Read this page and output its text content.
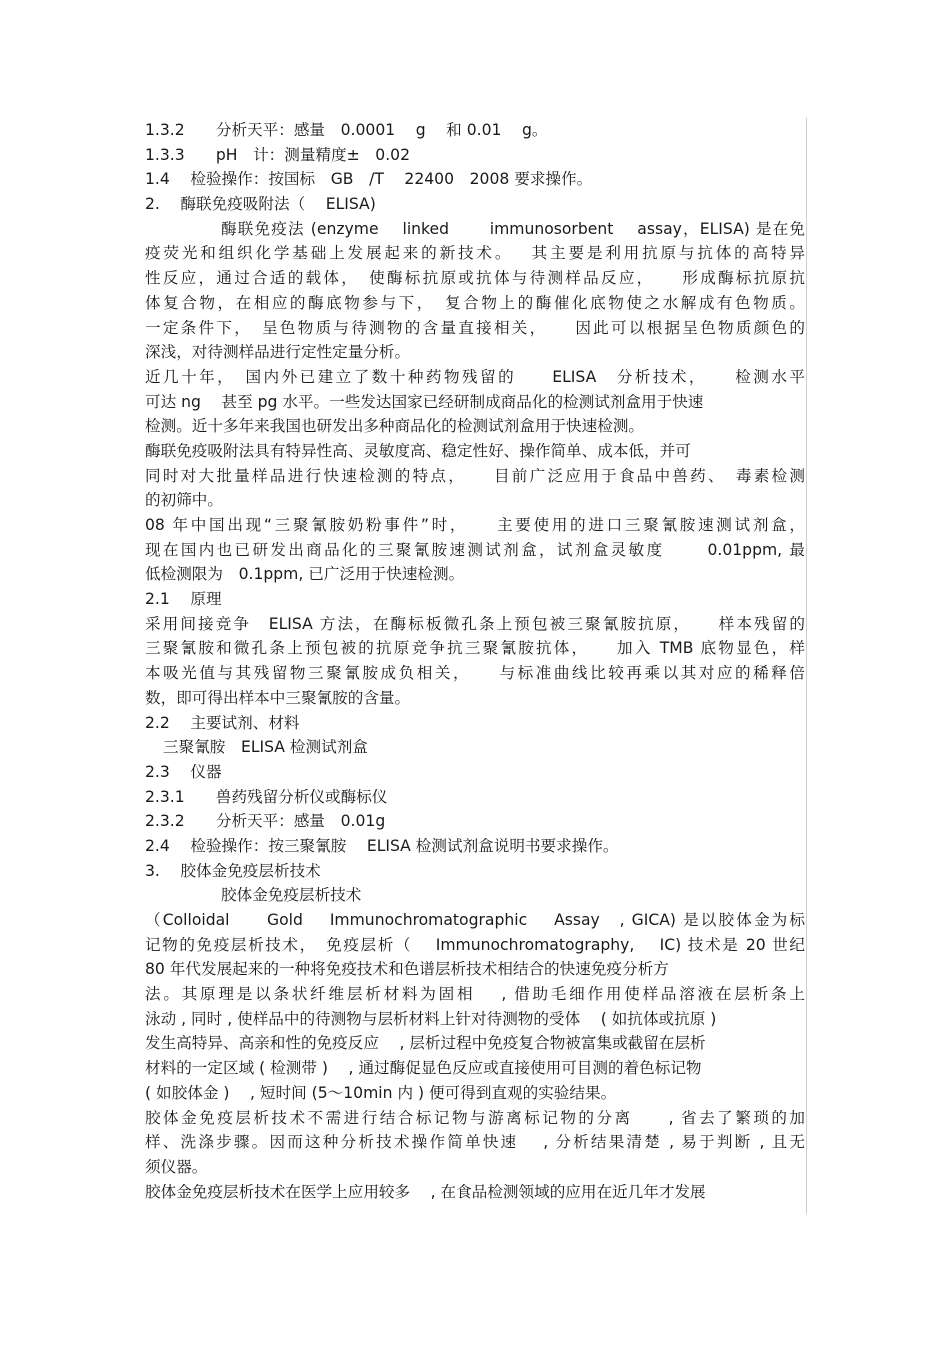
1.3.2　　分析天平：感量　0.0001　 g　 和 0.01　 g。
1.3.3　　pH　计：测量精度±　0.02
1.4　 检验操作：按国标　GB　/T　 22400　2008 要求操作。
2.　 酶联免疫吸附法（　 ELISA)
酶联免疫法 (enzyme　 linked　　 immunosorbent　 assay，ELISA) 是在免
疫荧光和组织化学基础上发展起来的新技术。　 其主要是利用抗原与抗体的高特异
性反应，通过合适的载体，　使酶标抗原或抗体与待测样品反应，　　形成酶标抗原抗
体复合物，在相应的酶底物参与下，　复合物上的酶催化底物使之水解成有色物质。
一定条件下，　呈色物质与待测物的含量直接相关，　　因此可以根据呈色物质颜色的
深浅，对待测样品进行定性定量分析。
近几十年，　国内外已建立了数十种药物残留的　　ELISA　分析技术，　　检测水平
可达 ng　 甚至 pg 水平。一些发达国家已经研制成商品化的检测试剂盒用于快速
检测。近十多年来我国也研发出多种商品化的检测试剂盒用于快速检测。
酶联免疫吸附法具有特异性高、灵敏度高、稳定性好、操作简单、成本低，并可
同时对大批量样品进行快速检测的特点，　　目前广泛应用于食品中兽药、　毒素检测
的初筛中。
08 年中国出现“三聚氰胺奶粉事件”时，　　主要使用的进口三聚氰胺速测试剂盒，
现在国内也已研发出商品化的三聚氰胺速测试剂盒，试剂盒灵敏度　　 0.01ppm, 最
低检测限为　0.1ppm, 已广泛用于快速检测。
2.1　 原理
采用间接竞争　ELISA 方法，在酶标板微孔条上预包被三聚氰胺抗原，　　样本残留的
三聚氰胺和微孔条上预包被的抗原竞争抗三聚氰胺抗体，　　加入 TMB 底物显色，样
本吸光值与其残留物三聚氰胺成负相关，　　与标准曲线比较再乘以其对应的稀释倍
数，即可得出样本中三聚氰胺的含量。
2.2　 主要试剂、材料
三聚氰胺　ELISA 检测试剂盒
2.3　 仪器
2.3.1　　兽药残留分析仪或酶标仪
2.3.2　　分析天平：感量　0.01g
2.4　 检验操作：按三聚氰胺　 ELISA 检测试剂盒说明书要求操作。
3.　 胶体金免疫层析技术
胶体金免疫层析技术
（Colloidal　　Gold　 Immunochromatographic　 Assay　, GICA) 是以胶体金为标
记物的免疫层析技术，　免疫层析（　 Immunochromatography,　 IC) 技术是 20 世纪
80 年代发展起来的一种将免疫技术和色谱层析技术相结合的快速免疫分析方
法。其原理是以条状纤维层析材料为固相　 , 借助毛细作用使样品溶液在层析条上
泳动 , 同时 , 使样品中的待测物与层析材料上针对待测物的受体　 ( 如抗体或抗原 )
发生高特异、高亲和性的免疫反应　 , 层析过程中免疫复合物被富集或截留在层析
材料的一定区域 ( 检测带 )　 , 通过酶促显色反应或直接使用可目测的着色标记物
( 如胶体金 )　 , 短时间 (5～10min 内 ) 便可得到直观的实验结果。
胶体金免疫层析技术不需进行结合标记物与游离标记物的分离　　, 省去了繁琐的加
样、洗涤步骤。因而这种分析技术操作简单快速　 , 分析结果清楚 , 易于判断 , 且无
须仪器。
胶体金免疫层析技术在医学上应用较多　 , 在食品检测领域的应用在近几年才发展
